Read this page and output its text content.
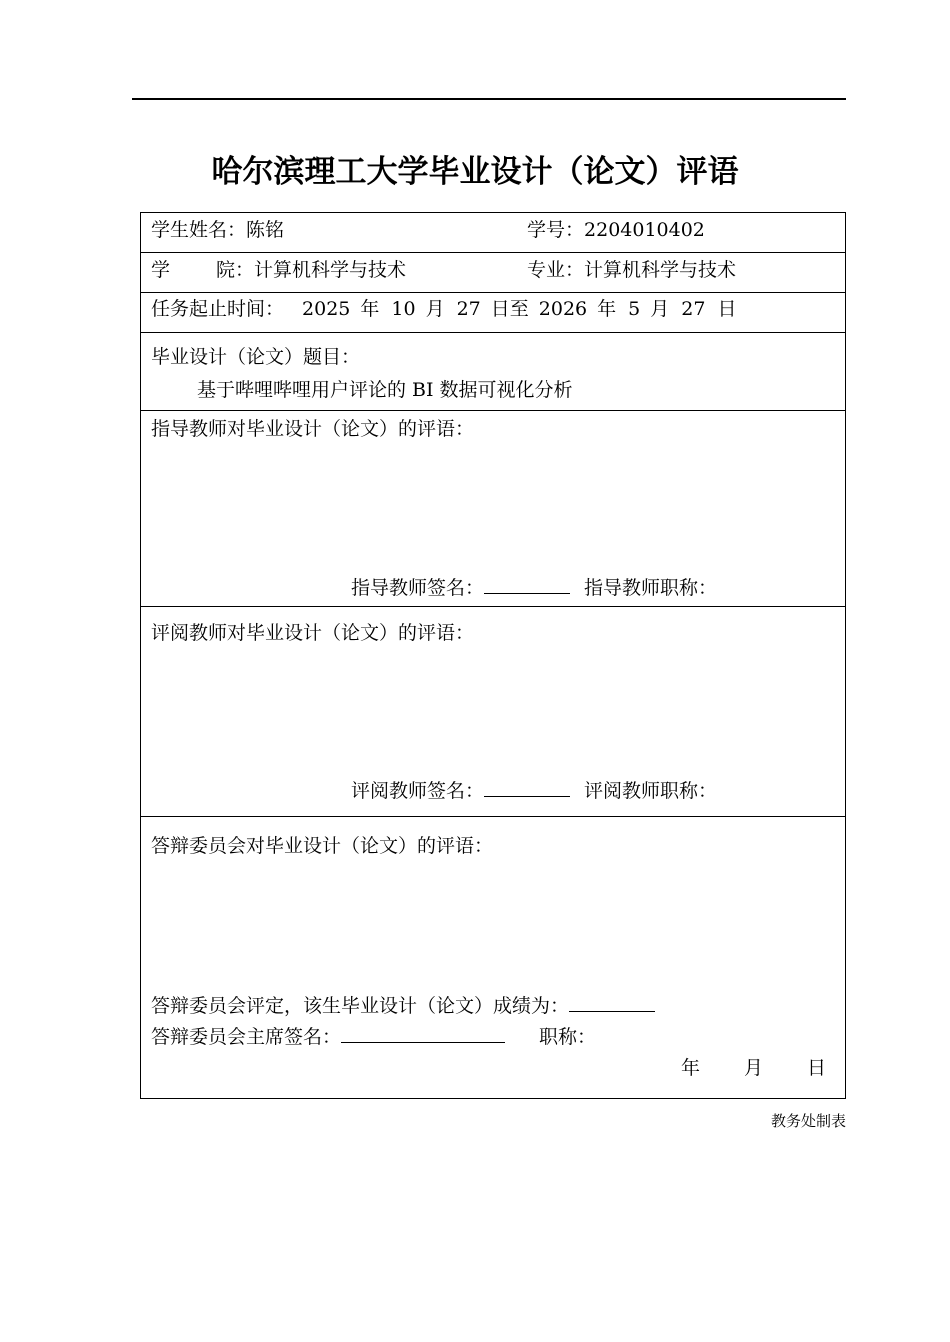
哈尔滨理工大学毕业设计（论文）评语
学生姓名：陈铭	学号：2204010402
学 院：计算机科学与技术	专业：计算机科学与技术
任务起止时间： 2025 年 10 月 27 日至 2026 年 5 月 27 日
毕业设计（论文）题目：
基于哔哩哔哩用户评论的 BI 数据可视化分析
指导教师对毕业设计（论文）的评语：
指导教师签名：	指导教师职称：
评阅教师对毕业设计（论文）的评语：
评阅教师签名：	评阅教师职称：
答辩委员会对毕业设计（论文）的评语：
答辩委员会评定，该生毕业设计（论文）成绩为：
答辩委员会主席签名：	职称：
年 月 日
教务处制表
